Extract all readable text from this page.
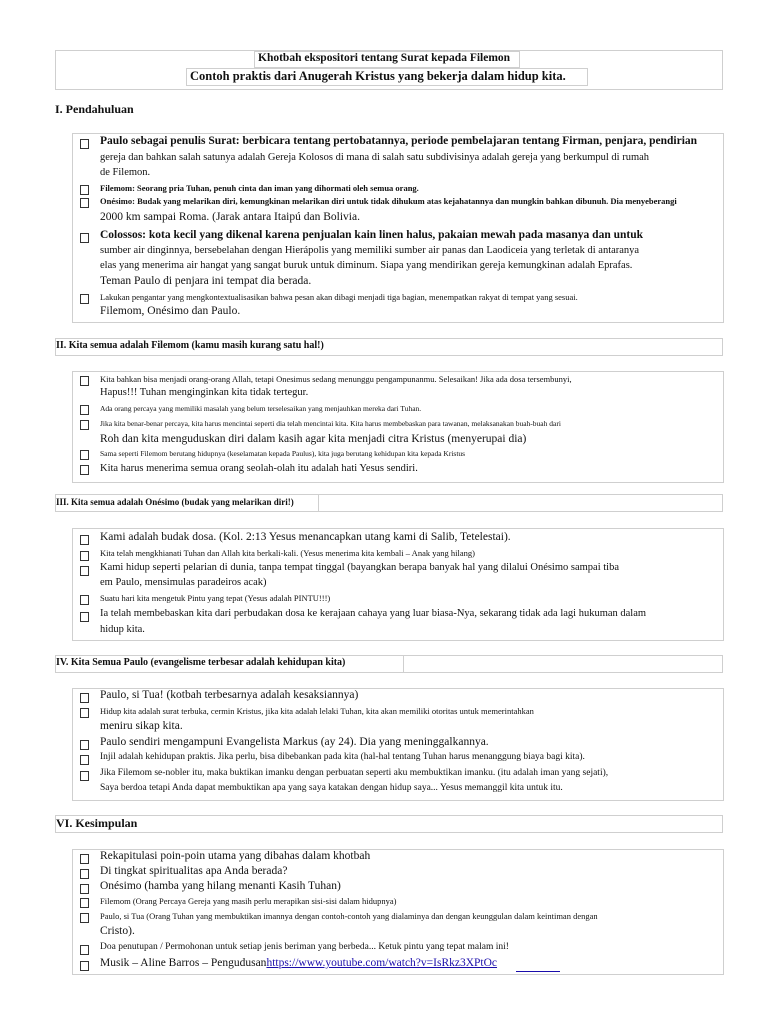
Khotbah ekspositori tentang Surat kepada Filemon
Contoh praktis dari Anugerah Kristus yang bekerja dalam hidup kita.
I. Pendahuluan
Paulo sebagai penulis Surat: berbicara tentang pertobatannya, periode pembelajaran tentang Firman, penjara, pendirian
gereja dan bahkan salah satunya adalah Gereja Kolosos di mana di salah satu subdivisinya adalah gereja yang berkumpul di rumah
de Filemon.
Filemom: Seorang pria Tuhan, penuh cinta dan iman yang dihormati oleh semua orang.
Onésimo: Budak yang melarikan diri, kemungkinan melarikan diri untuk tidak dihukum atas kejahatannya dan mungkin bahkan dibunuh. Dia menyeberangi
2000 km sampai Roma. (Jarak antara Itaipú dan Bolivia.
Colossos: kota kecil yang dikenal karena penjualan kain linen halus, pakaian mewah pada masanya dan untuk
sumber air dinginnya, bersebelahan dengan Hierápolis yang memiliki sumber air panas dan Laodiceia yang terletak di antaranya
elas yang menerima air hangat yang sangat buruk untuk diminum. Siapa yang mendirikan gereja kemungkinan adalah Eprafas.
Teman Paulo di penjara ini tempat dia berada.
Lakukan pengantar yang mengkontextualisasikan bahwa pesan akan dibagi menjadi tiga bagian, menempatkan rakyat di tempat yang sesuai.
Filemom, Onésimo dan Paulo.
II. Kita semua adalah Filemom (kamu masih kurang satu hal!)
Kita bahkan bisa menjadi orang-orang Allah, tetapi Onesimus sedang menunggu pengampunanmu. Selesaikan! Jika ada dosa tersembunyi,
Hapus!!! Tuhan menginginkan kita tidak tertegur.
Ada orang percaya yang memiliki masalah yang belum terselesaikan yang menjauhkan mereka dari Tuhan.
Jika kita benar-benar percaya, kita harus mencintai seperti dia telah mencintai kita. Kita harus membebaskan para tawanan, melaksanakan buah-buah dari
Roh dan kita menguduskan diri dalam kasih agar kita menjadi citra Kristus (menyerupai dia)
Sama seperti Filemom berutang hidupnya (keselamatan kepada Paulus), kita juga berutang kehidupan kita kepada Kristus
Kita harus menerima semua orang seolah-olah itu adalah hati Yesus sendiri.
III. Kita semua adalah Onésimo (budak yang melarikan diri!)
Kami adalah budak dosa. (Kol. 2:13 Yesus menancapkan utang kami di Salib, Tetelestai).
Kita telah mengkhianati Tuhan dan Allah kita berkali-kali. (Yesus menerima kita kembali – Anak yang hilang)
Kami hidup seperti pelarian di dunia, tanpa tempat tinggal (bayangkan berapa banyak hal yang dilalui Onésimo sampai tiba
em Paulo, mensimulas paradeiros acak)
Suatu hari kita mengetuk Pintu yang tepat (Yesus adalah PINTU!!!)
Ia telah membebaskan kita dari perbudakan dosa ke kerajaan cahaya yang luar biasa-Nya, sekarang tidak ada lagi hukuman dalam
hidup kita.
IV. Kita Semua Paulo (evangelisme terbesar adalah kehidupan kita)
Paulo, si Tua! (kotbah terbesarnya adalah kesaksiannya)
Hidup kita adalah surat terbuka, cermin Kristus, jika kita adalah lelaki Tuhan, kita akan memiliki otoritas untuk memerintahkan
meniru sikap kita.
Paulo sendiri mengampuni Evangelista Markus (ay 24). Dia yang meninggalkannya.
Injil adalah kehidupan praktis. Jika perlu, bisa dibebankan pada kita (hal-hal tentang Tuhan harus menanggung biaya bagi kita).
Jika Filemom se-nobler itu, maka buktikan imanku dengan perbuatan seperti aku membuktikan imanku. (itu adalah iman yang sejati),
Saya berdoa tetapi Anda dapat membuktikan apa yang saya katakan dengan hidup saya... Yesus memanggil kita untuk itu.
VI. Kesimpulan
Rekapitulasi poin-poin utama yang dibahas dalam khotbah
Di tingkat spiritualitas apa Anda berada?
Onésimo (hamba yang hilang menanti Kasih Tuhan)
Filemom (Orang Percaya Gereja yang masih perlu merapikan sisi-sisi dalam hidupnya)
Paulo, si Tua (Orang Tuhan yang membuktikan imannya dengan contoh-contoh yang dialaminya dan dengan keunggulan dalam keintiman dengan
Cristo).
Doa penutupan / Permohonan untuk setiap jenis beriman yang berbeda... Ketuk pintu yang tepat malam ini!
Musik – Aline Barros – Pengudusanhttps://www.youtube.com/watch?v=IsRkz3XPtOc
